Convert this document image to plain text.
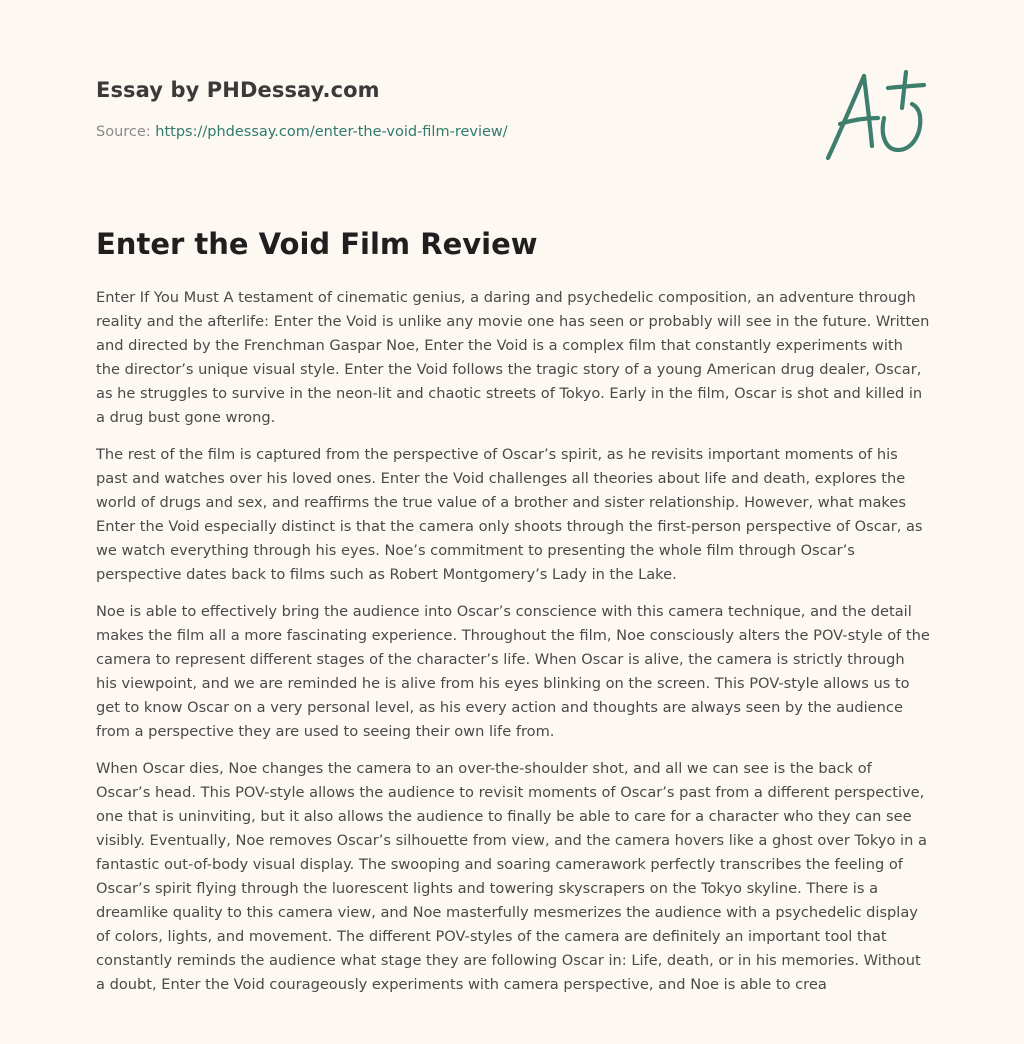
Essay by PHDessay.com
Source: https://phdessay.com/enter-the-void-film-review/
Enter the Void Film Review

Enter If You Must A testament of cinematic genius, a daring and psychedelic composition, an adventure through reality and the afterlife: Enter the Void is unlike any movie one has seen or probably will see in the future. Written and directed by the Frenchman Gaspar Noe, Enter the Void is a complex film that constantly experiments with the director’s unique visual style. Enter the Void follows the tragic story of a young American drug dealer, Oscar, as he struggles to survive in the neon-lit and chaotic streets of Tokyo. Early in the film, Oscar is shot and killed in a drug bust gone wrong.

The rest of the film is captured from the perspective of Oscar’s spirit, as he revisits important moments of his past and watches over his loved ones. Enter the Void challenges all theories about life and death, explores the world of drugs and sex, and reaffirms the true value of a brother and sister relationship. However, what makes Enter the Void especially distinct is that the camera only shoots through the first-person perspective of Oscar, as we watch everything through his eyes. Noe’s commitment to presenting the whole film through Oscar’s perspective dates back to films such as Robert Montgomery’s Lady in the Lake.

Noe is able to effectively bring the audience into Oscar’s conscience with this camera technique, and the detail makes the film all a more fascinating experience. Throughout the film, Noe consciously alters the POV-style of the camera to represent different stages of the character’s life. When Oscar is alive, the camera is strictly through his viewpoint, and we are reminded he is alive from his eyes blinking on the screen. This POV-style allows us to get to know Oscar on a very personal level, as his every action and thoughts are always seen by the audience from a perspective they are used to seeing their own life from.

When Oscar dies, Noe changes the camera to an over-the-shoulder shot, and all we can see is the back of Oscar’s head. This POV-style allows the audience to revisit moments of Oscar’s past from a different perspective, one that is uninviting, but it also allows the audience to finally be able to care for a character who they can see visibly. Eventually, Noe removes Oscar’s silhouette from view, and the camera hovers like a ghost over Tokyo in a fantastic out-of-body visual display. The swooping and soaring camerawork perfectly transcribes the feeling of Oscar’s spirit flying through the luorescent lights and towering skyscrapers on the Tokyo skyline. There is a dreamlike quality to this camera view, and Noe masterfully mesmerizes the audience with a psychedelic display of colors, lights, and movement. The different POV-styles of the camera are definitely an important tool that constantly reminds the audience what stage they are following Oscar in: Life, death, or in his memories. Without a doubt, Enter the Void courageously experiments with camera perspective, and Noe is able to crea
